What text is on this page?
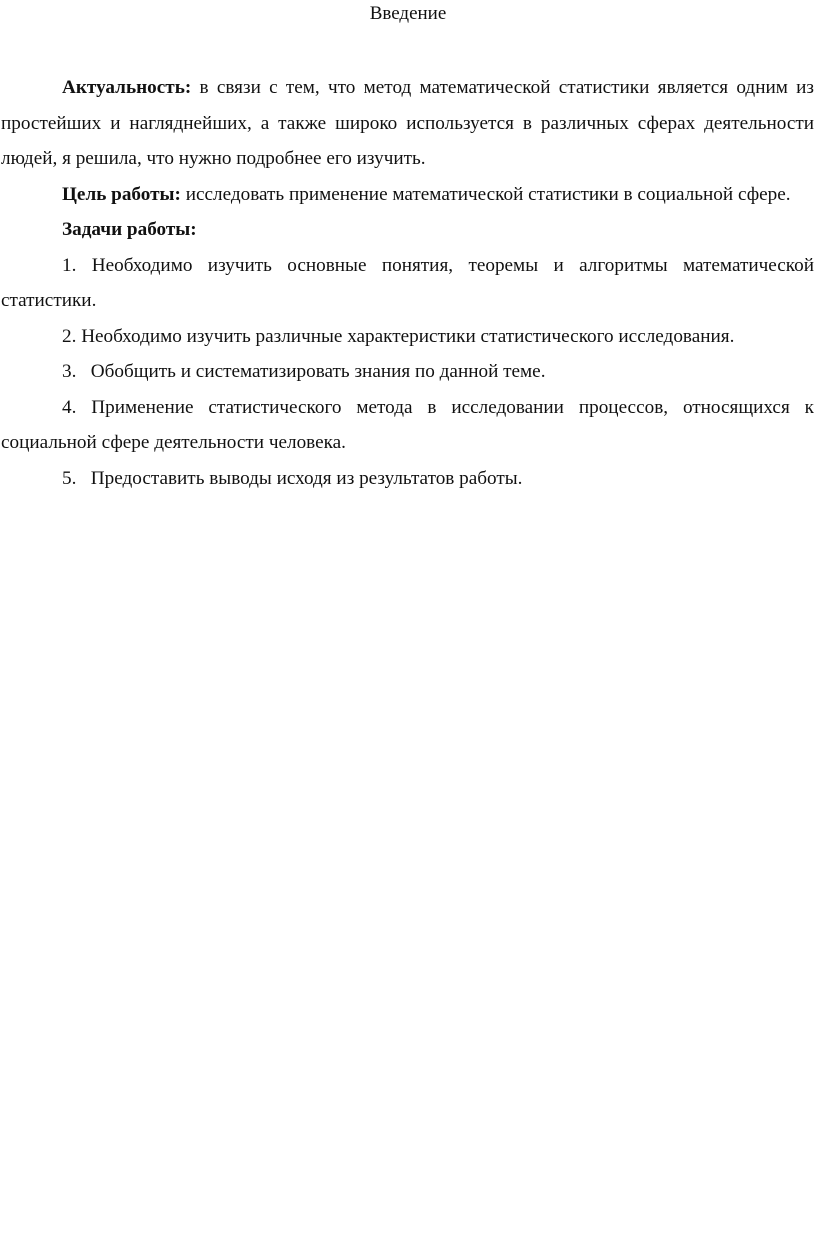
Введение

Актуальность: в связи с тем, что метод математической статистики является одним из простейших и нагляднейших, а также широко используется в различных сферах деятельности людей, я решила, что нужно подробнее его изучить.

Цель работы: исследовать применение математической статистики в социальной сфере.

Задачи работы:

1. Необходимо изучить основные понятия, теоремы и алгоритмы математической статистики.

2. Необходимо изучить различные характеристики статистического исследования.

3.   Обобщить и систематизировать знания по данной теме.

4. Применение статистического метода в исследовании процессов, относящихся к социальной сфере деятельности человека.

5.   Предоставить выводы исходя из результатов работы.
